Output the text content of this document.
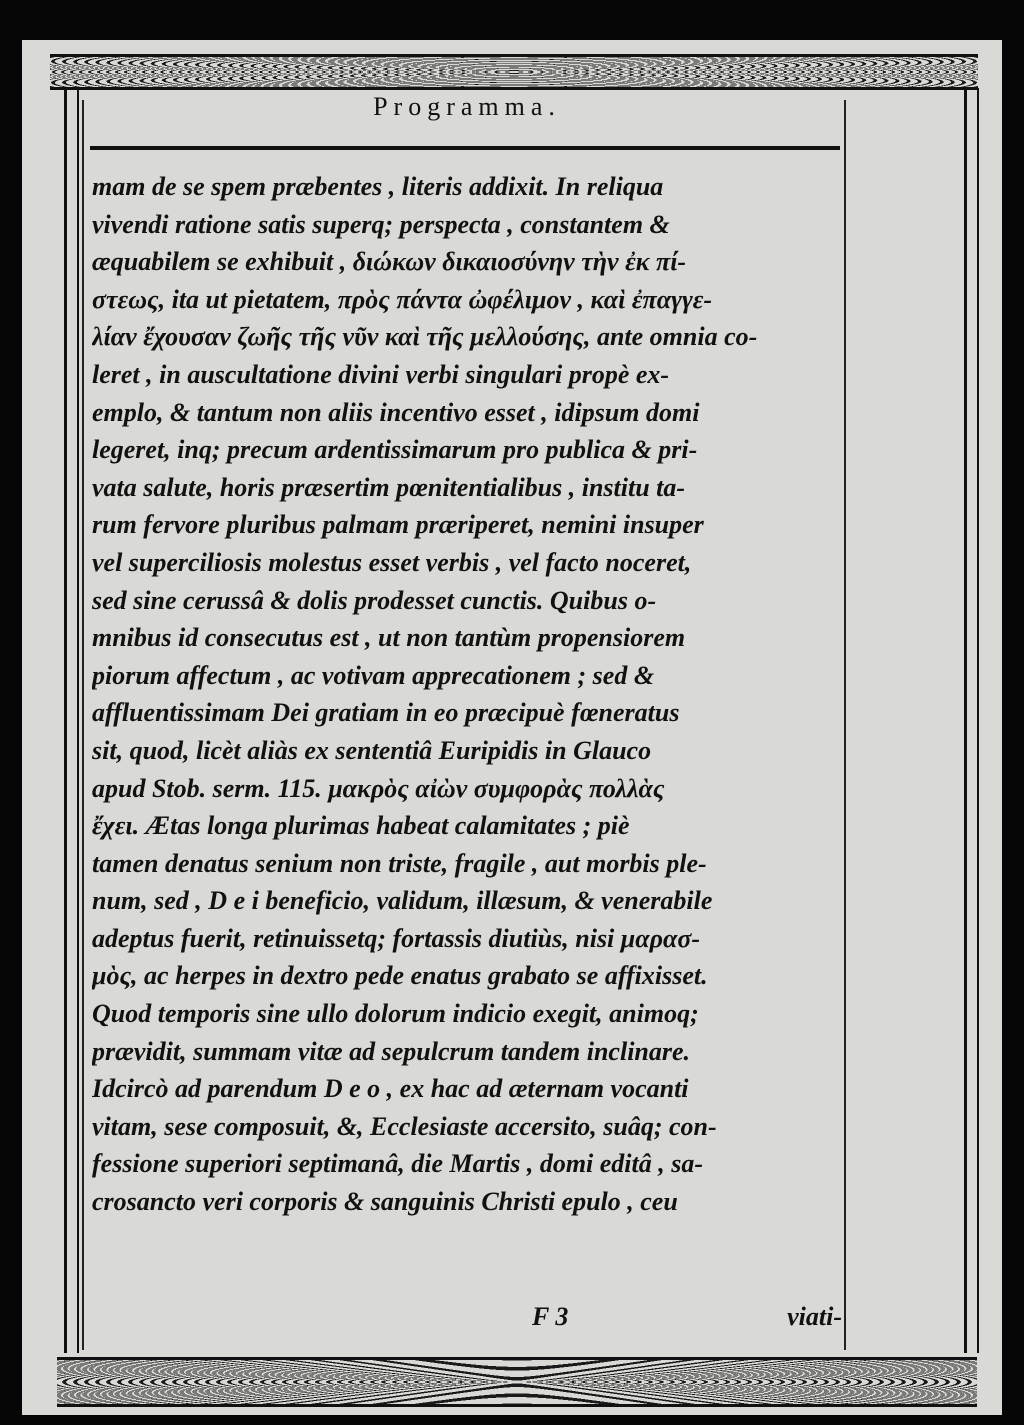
Programma.
mam de se spem præbentes , literis addixit. In reliqua
vivendi ratione satis superq; perspecta , constantem &
æquabilem se exhibuit , διώκων δικαιοσύνην τὴν ἐκ πί-
στεως, ita ut pietatem, πρὸς πάντα ὠφέλιμον , καὶ ἐπαγγε-
λίαν ἔχουσαν ζωῆς τῆς νῦν καὶ τῆς μελλούσης, ante omnia co-
leret , in auscultatione divini verbi singulari propè ex-
emplo, & tantum non aliis incentivo esset , idipsum domi
legeret, inq; precum ardentissimarum pro publica & pri-
vata salute, horis præsertim pœnitentialibus , institu ta-
rum fervore pluribus palmam præriperet, nemini insuper
vel superciliosis molestus esset verbis , vel facto noceret,
sed sine cerussâ & dolis prodesset cunctis. Quibus o-
mnibus id consecutus est , ut non tantùm propensiorem
piorum affectum , ac votivam apprecationem ; sed &
affluentissimam Dei gratiam in eo præcipuè fœneratus
sit, quod, licèt aliàs ex sententiâ Euripidis in Glauco
apud Stob. serm. 115. μακρὸς αἰὼν συμφορὰς πολλὰς
ἔχει. Ætas longa plurimas habeat calamitates ; piè
tamen denatus senium non triste, fragile , aut morbis ple-
num, sed , D e i beneficio, validum, illæsum, & venerabile
adeptus fuerit, retinuissetq; fortassis diutiùs, nisi μαρασ-
μὸς, ac herpes in dextro pede enatus grabato se affixisset.
Quod temporis sine ullo dolorum indicio exegit, animoq;
prævidit, summam vitæ ad sepulcrum tandem inclinare.
Idcircò ad parendum D e o , ex hac ad æternam vocanti
vitam, sese composuit, &, Ecclesiaste accersito, suâq; con-
fessione superiori septimanâ, die Martis , domi editâ , sa-
crosancto veri corporis & sanguinis Christi epulo , ceu
F 3	viati-
